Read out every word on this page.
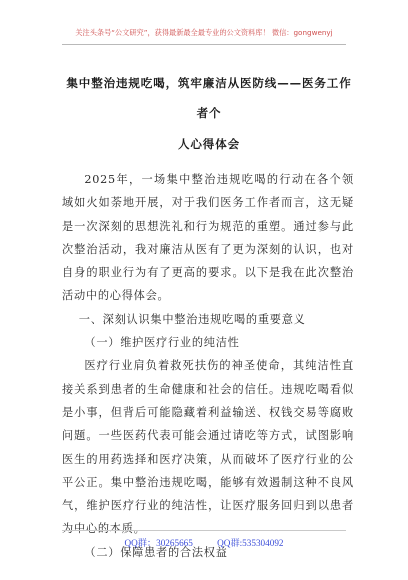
关注头条号“公文研究”，获得最新最全最专业的公文资料库！ 微信：gongwenyj
集中整治违规吃喝，筑牢廉洁从医防线——医务工作者个
人心得体会

2025年，一场集中整治违规吃喝的行动在各个领域如火如荼地开展，对于我们医务工作者而言，这无疑是一次深刻的思想洗礼和行为规范的重塑。通过参与此次整治活动，我对廉洁从医有了更为深刻的认识，也对自身的职业行为有了更高的要求。以下是我在此次整治活动中的心得体会。

一、深刻认识集中整治违规吃喝的重要意义

（一）维护医疗行业的纯洁性

医疗行业肩负着救死扶伤的神圣使命，其纯洁性直接关系到患者的生命健康和社会的信任。违规吃喝看似是小事，但背后可能隐藏着利益输送、权钱交易等腐败问题。一些医药代表可能会通过请吃等方式，试图影响医生的用药选择和医疗决策，从而破坏了医疗行业的公平公正。集中整治违规吃喝，能够有效遏制这种不良风气，维护医疗行业的纯洁性，让医疗服务回归到以患者为中心的本质。

（二）保障患者的合法权益

QQ群：30265665	QQ群:535304092
